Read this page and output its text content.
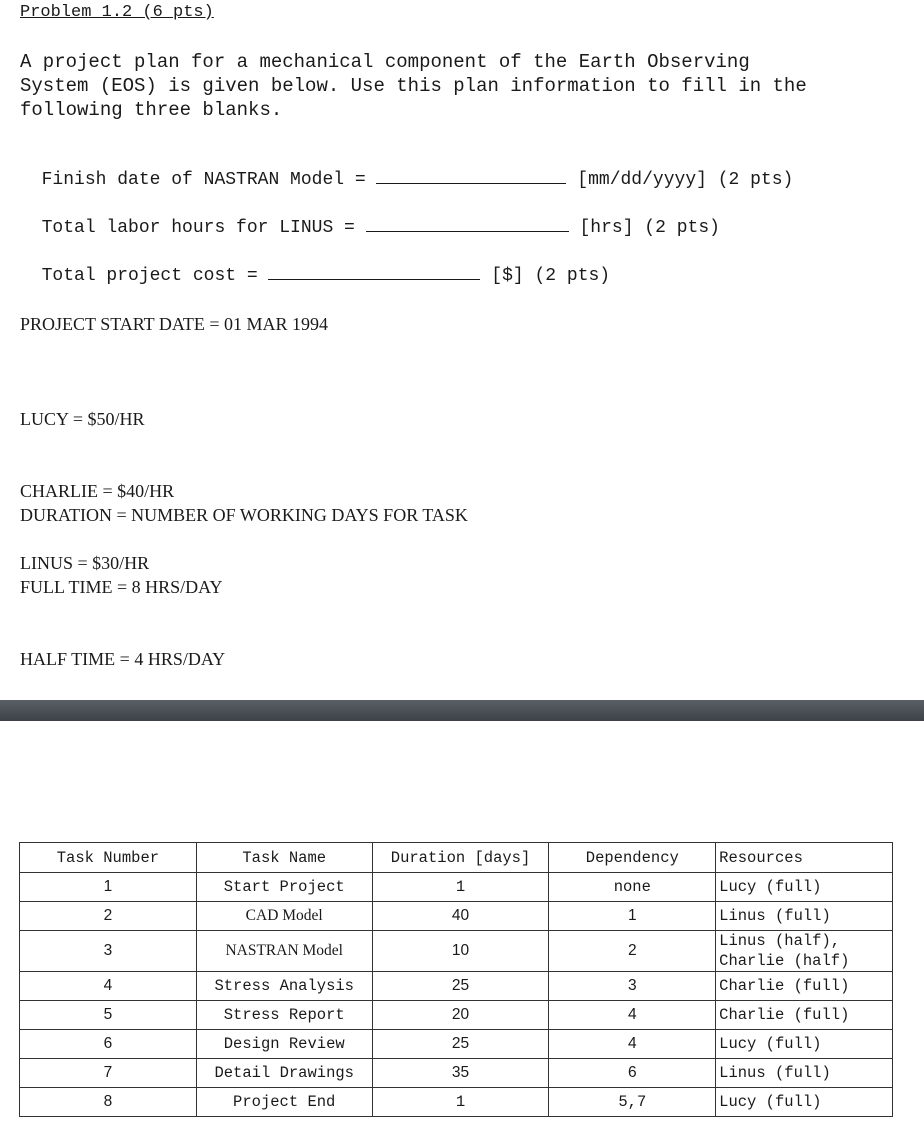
Problem 1.2 (6 pts)
A project plan for a mechanical component of the Earth Observing
System (EOS) is given below. Use this plan information to fill in the
following three blanks.

Finish date of NASTRAN Model =	[mm/dd/yyyy] (2 pts)

Total labor hours for LINUS =	[hrs] (2 pts)

Total project cost =	[$] (2 pts)

PROJECT START DATE = 01 MAR 1994

LUCY = $50/HR

CHARLIE = $40/HR

LINUS = $30/HR

DURATION = NUMBER OF WORKING DAYS FOR TASK

FULL TIME = 8 HRS/DAY

HALF TIME = 4 HRS/DAY

Task Number	Task Name	Duration [days]	Dependency	Resources
1	Start Project	1	none	Lucy (full)
2	CAD Model	40	1	Linus (full)
3	NASTRAN Model	10	2	Linus (half),
Charlie (half)

4	Stress Analysis	25	3	Charlie (full)
5	Stress Report	20	4	Charlie (full)
6	Design Review	25	4	Lucy (full)
7	Detail Drawings	35	6	Linus (full)
8	Project End	1	5,7	Lucy (full)
